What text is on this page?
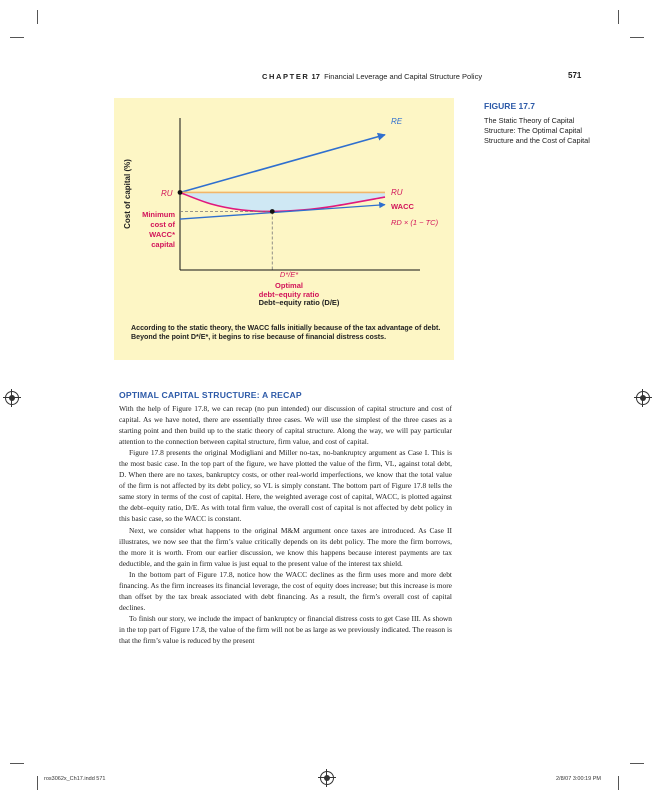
CHAPTER 17 Financial Leverage and Capital Structure Policy	571
FIGURE 17.7
The Static Theory of Capital Structure: The Optimal Capital Structure and the Cost of Capital
Cost of capital (%)
Debt–equity ratio (D/E)
RE
RU	RU
WACC
RD × (1 − TC)
Minimum
cost of
WACC*
capital
D*/E*
Optimal
debt–equity ratio
According to the static theory, the WACC falls initially because of the tax advantage of debt. Beyond the point D*/E*, it begins to rise because of financial distress costs.
OPTIMAL CAPITAL STRUCTURE: A RECAP

With the help of Figure 17.8, we can recap (no pun intended) our discussion of capital structure and cost of capital. As we have noted, there are essentially three cases. We will use the simplest of the three cases as a starting point and then build up to the static theory of capital structure. Along the way, we will pay particular attention to the connection between capital structure, firm value, and cost of capital.

Figure 17.8 presents the original Modigliani and Miller no-tax, no-bankruptcy argument as Case I. This is the most basic case. In the top part of the figure, we have plotted the value of the firm, VL, against total debt, D. When there are no taxes, bankruptcy costs, or other real-world imperfections, we know that the total value of the firm is not affected by its debt policy, so VL is simply constant. The bottom part of Figure 17.8 tells the same story in terms of the cost of capital. Here, the weighted average cost of capital, WACC, is plotted against the debt–equity ratio, D/E. As with total firm value, the overall cost of capital is not affected by debt policy in this basic case, so the WACC is constant.

Next, we consider what happens to the original M&M argument once taxes are introduced. As Case II illustrates, we now see that the firm’s value critically depends on its debt policy. The more the firm borrows, the more it is worth. From our earlier discussion, we know this happens because interest payments are tax deductible, and the gain in firm value is just equal to the present value of the interest tax shield.

In the bottom part of Figure 17.8, notice how the WACC declines as the firm uses more and more debt financing. As the firm increases its financial leverage, the cost of equity does increase; but this increase is more than offset by the tax break associated with debt financing. As a result, the firm’s overall cost of capital declines.

To finish our story, we include the impact of bankruptcy or financial distress costs to get Case III. As shown in the top part of Figure 17.8, the value of the firm will not be as large as we previously indicated. The reason is that the firm’s value is reduced by the present

ros3062x_Ch17.indd 571	2/8/07 3:00:19 PM
